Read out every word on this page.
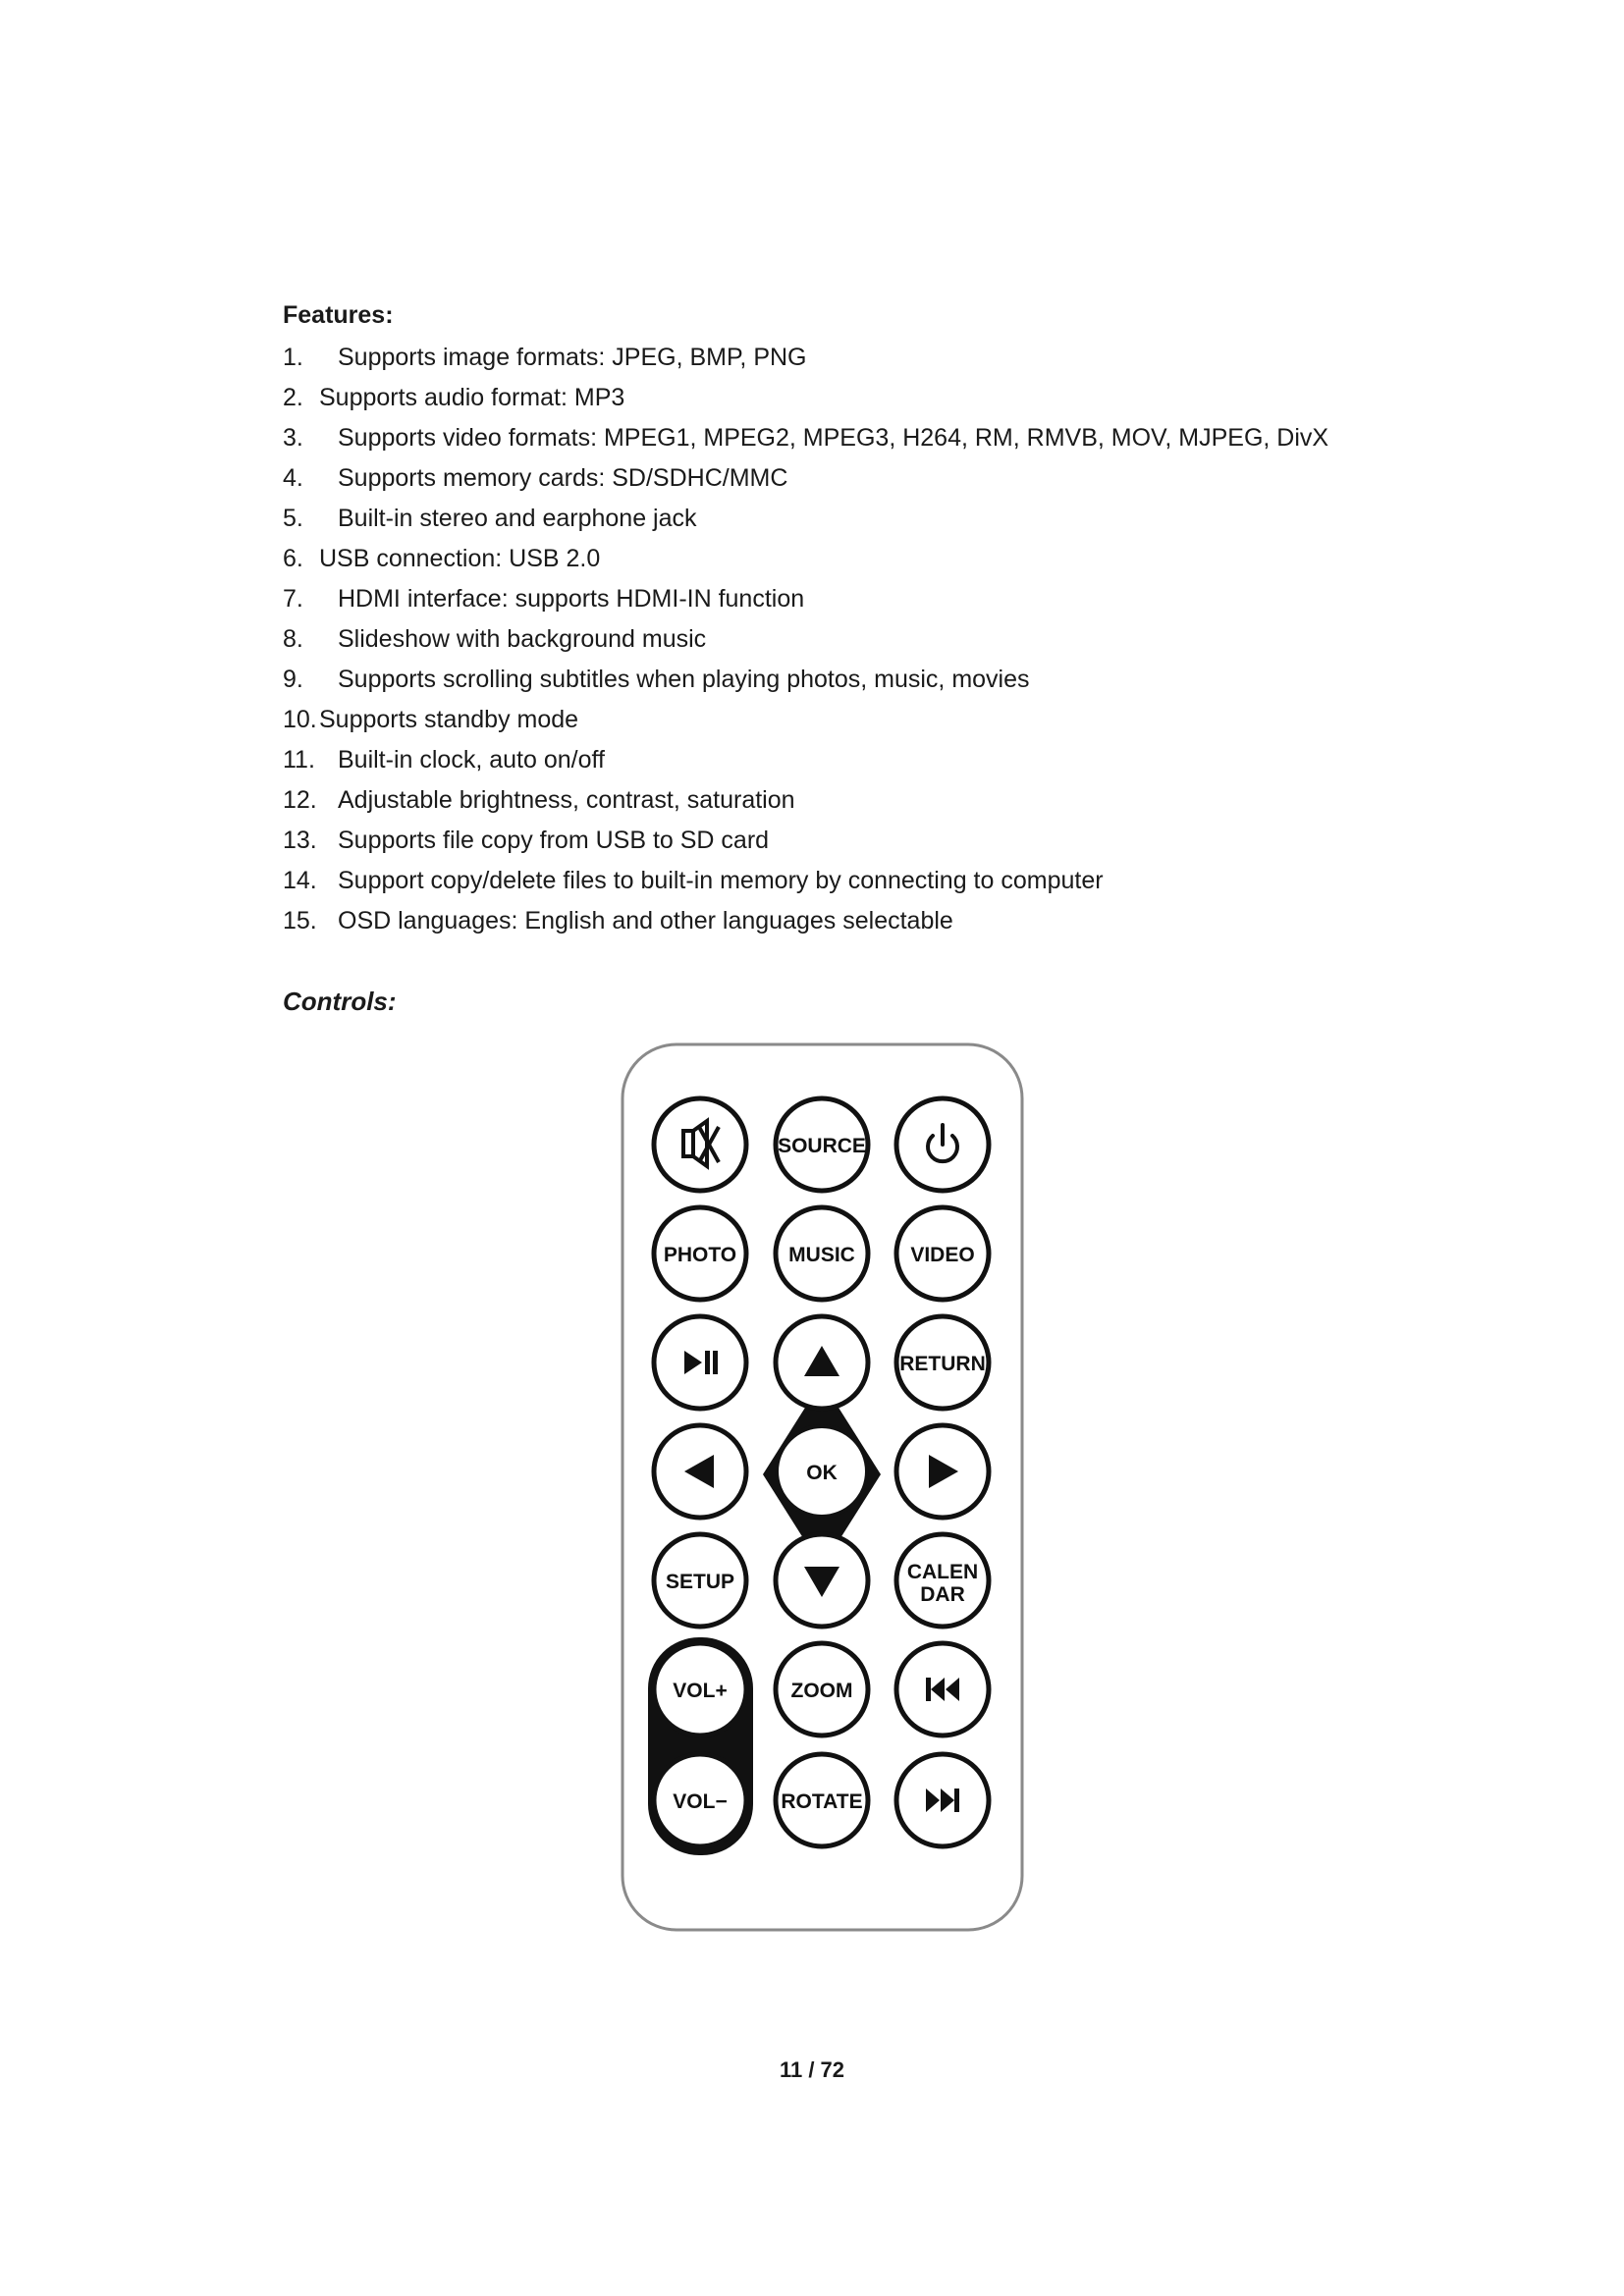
Features:
1.	Supports image formats: JPEG, BMP, PNG
2. Supports audio format: MP3
3.	Supports video formats: MPEG1, MPEG2, MPEG3, H264, RM, RMVB, MOV, MJPEG, DivX
4.	Supports memory cards: SD/SDHC/MMC
5.	Built-in stereo and earphone jack
6. USB connection: USB 2.0
7.	HDMI interface: supports HDMI-IN function
8.	Slideshow with background music
9.	Supports scrolling subtitles when playing photos, music, movies
10. Supports standby mode
11. Built-in clock, auto on/off
12. Adjustable brightness, contrast, saturation
13. Supports file copy from USB to SD card
14. Support copy/delete files to built-in memory by connecting to computer
15. OSD languages: English and other languages selectable
Controls:
SOURCE
PHOTO	MUSIC	VIDEO
RETURN
OK
SETUP	CALEN
DAR
VOL+	ZOOM
VOL−	ROTATE
11 / 72
